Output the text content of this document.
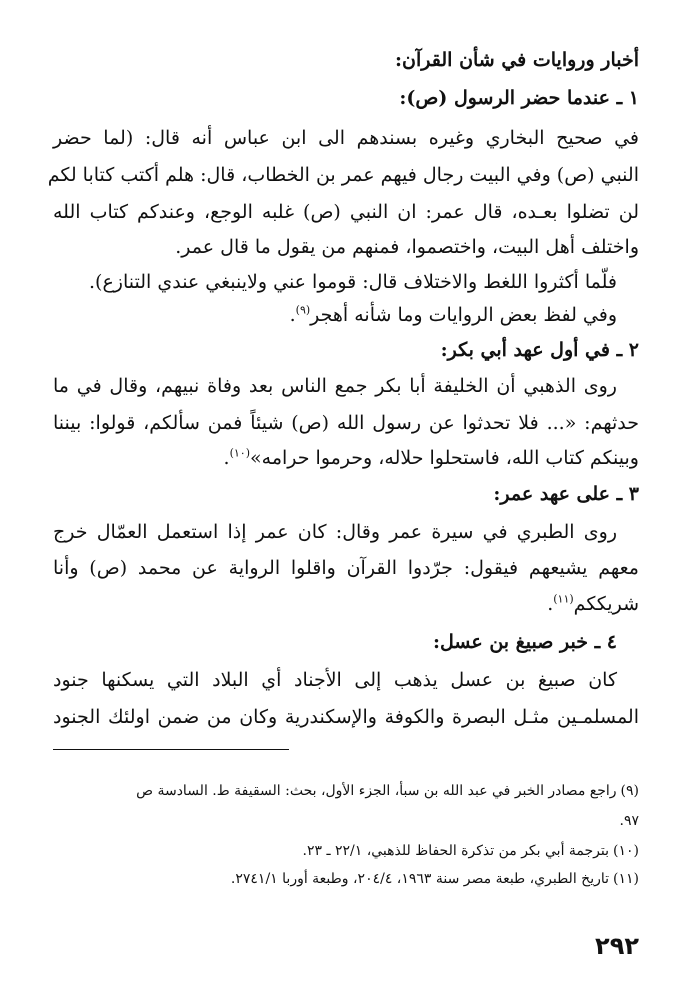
أخبار وروايات في شأن القرآن:
١ ـ عندما حضر الرسول (ص):
في صحيح البخاري وغيره بسندهم الى ابن عباس أنه قال: (لما حضر
النبي (ص) وفي البيت رجال فيهم عمر بن الخطاب، قال: هلم أكتب كتابا لكم
لن تضلوا بعـده، قال عمر: ان النبي (ص) غلبه الوجع، وعندكم كتاب الله
واختلف أهل البيت، واختصموا، فمنهم من يقول ما قال عمر.
فلّما أكثروا اللغط والاختلاف قال: قوموا عني ولاينبغي عندي التنازع).
وفي لفظ بعض الروايات وما شأنه أهجر$^{(٩)}$.
٢ ـ في أول عهد أبي بكر:
روى الذهبي أن الخليفة أبا بكر جمع الناس بعد وفاة نبيهم، وقال في ما
حدثهم: «... فلا تحدثوا عن رسول الله (ص) شيئاً فمن سألكم، قولوا: بيننا
وبينكم كتاب الله، فاستحلوا حلاله، وحرموا حرامه»$^{(١٠)}$.
٣ ـ على عهد عمر:
روى الطبري في سيرة عمر وقال: كان عمر إذا استعمل العمّال خرج
معهم يشيعهم فيقول: جرّدوا القرآن واقلوا الرواية عن محمد (ص) وأنا
شريككم$^{(١١)}$.
٤ ـ خبر صبيغ بن عسل:
كان صبيغ بن عسل يذهب إلى الأجناد أي البلاد التي يسكنها جنود
المسلمـين مثـل البصرة والكوفة والإسكندرية وكان من ضمن اولئك الجنود
(٩)راجع مصادر الخبر في عبد الله بن سبأ، الجزء الأول، بحث: السقيفة ط. السادسة ص
٩٧.
(١٠)بترجمة أبي بكر من تذكرة الحفاظ للذهبي، ٢٢/١ ـ ٢٣.
(١١)تاريخ الطبري، طبعة مصر سنة ١٩٦٣، ٢٠٤/٤، وطبعة أوربا ٢٧٤١/١.
٢٩٢
